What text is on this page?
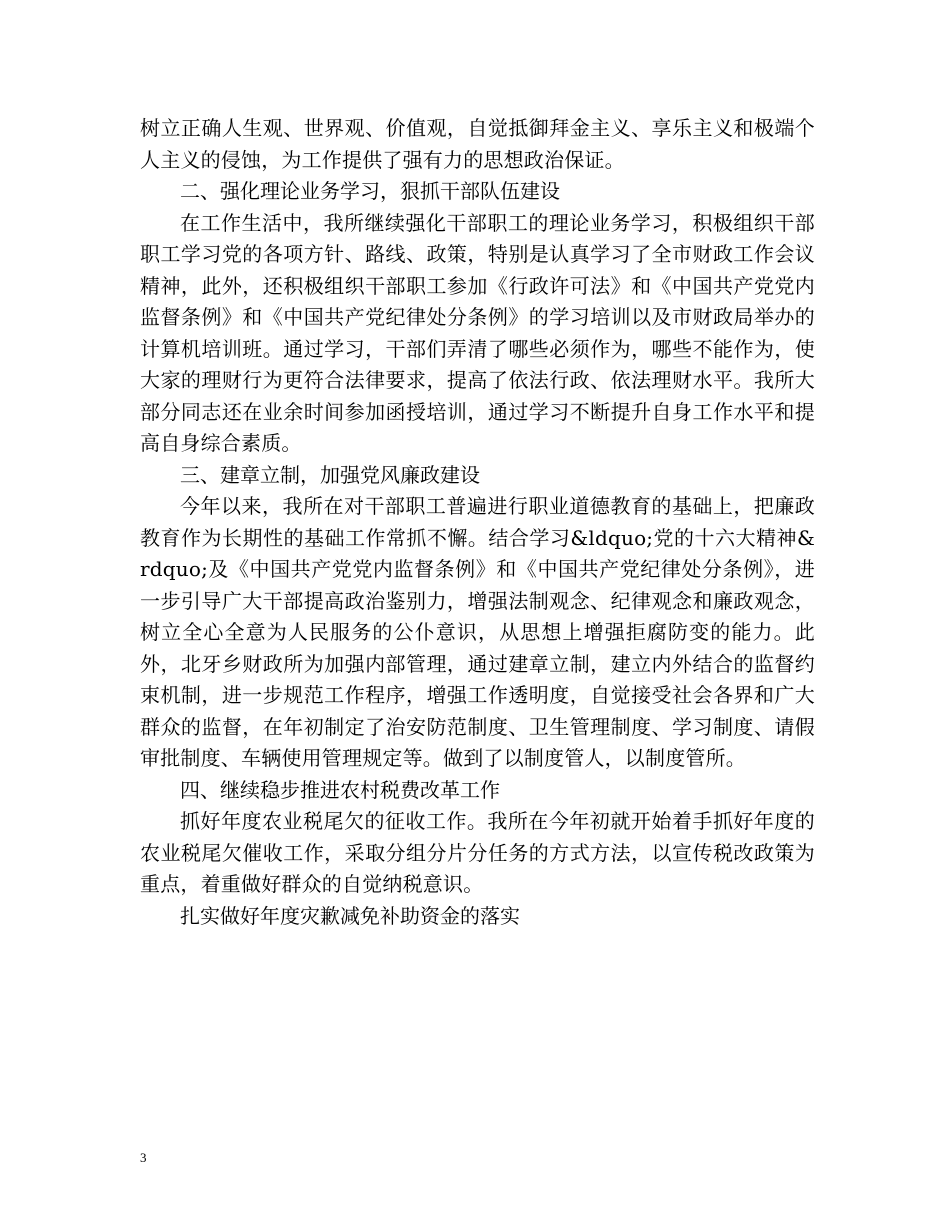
树立正确人生观、世界观、价值观，自觉抵御拜金主义、享乐主义和极端个人主义的侵蚀，为工作提供了强有力的思想政治保证。

二、强化理论业务学习，狠抓干部队伍建设

在工作生活中，我所继续强化干部职工的理论业务学习，积极组织干部职工学习党的各项方针、路线、政策，特别是认真学习了全市财政工作会议精神，此外，还积极组织干部职工参加《行政许可法》和《中国共产党党内监督条例》和《中国共产党纪律处分条例》的学习培训以及市财政局举办的计算机培训班。通过学习，干部们弄清了哪些必须作为，哪些不能作为，使大家的理财行为更符合法律要求，提高了依法行政、依法理财水平。我所大部分同志还在业余时间参加函授培训，通过学习不断提升自身工作水平和提高自身综合素质。

三、建章立制，加强党风廉政建设

今年以来，我所在对干部职工普遍进行职业道德教育的基础上，把廉政教育作为长期性的基础工作常抓不懈。结合学习&ldquo;党的十六大精神&rdquo;及《中国共产党党内监督条例》和《中国共产党纪律处分条例》，进一步引导广大干部提高政治鉴别力，增强法制观念、纪律观念和廉政观念，树立全心全意为人民服务的公仆意识，从思想上增强拒腐防变的能力。此外，北牙乡财政所为加强内部管理，通过建章立制，建立内外结合的监督约束机制，进一步规范工作程序，增强工作透明度，自觉接受社会各界和广大群众的监督，在年初制定了治安防范制度、卫生管理制度、学习制度、请假审批制度、车辆使用管理规定等。做到了以制度管人，以制度管所。

四、继续稳步推进农村税费改革工作

抓好年度农业税尾欠的征收工作。我所在今年初就开始着手抓好年度的农业税尾欠催收工作，采取分组分片分任务的方式方法，以宣传税改政策为重点，着重做好群众的自觉纳税意识。

扎实做好年度灾歉减免补助资金的落实

3
